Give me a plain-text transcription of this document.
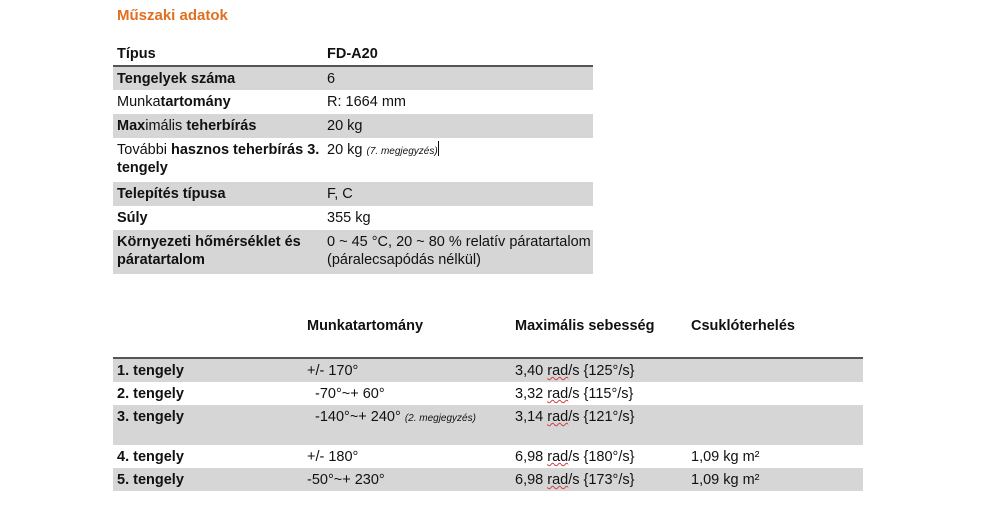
Műszaki adatok
Típus	FD-A20
Tengelyek száma	6
Munkatartomány	R: 1664 mm
Maximális teherbírás	20 kg
További hasznos teherbírás 3. tengely	20 kg (7. megjegyzés)
Telepítés típusa	F, C
Súly	355 kg
Környezeti hőmérséklet és páratartalom	0 ~ 45 °C, 20 ~ 80 % relatív páratartalom (páralecsapódás nélkül)
	Munkatartomány	Maximális sebesség	Csuklóterhelés
1. tengely	+/- 170°	3,40 rad/s {125°/s}	
2. tengely	-70°~+ 60°	3,32 rad/s {115°/s}	
3. tengely	-140°~+ 240° (2. megjegyzés)	3,14 rad/s {121°/s}	
4. tengely	+/- 180°	6,98 rad/s {180°/s}	1,09 kg m²
5. tengely	-50°~+ 230°	6,98 rad/s {173°/s}	1,09 kg m²
